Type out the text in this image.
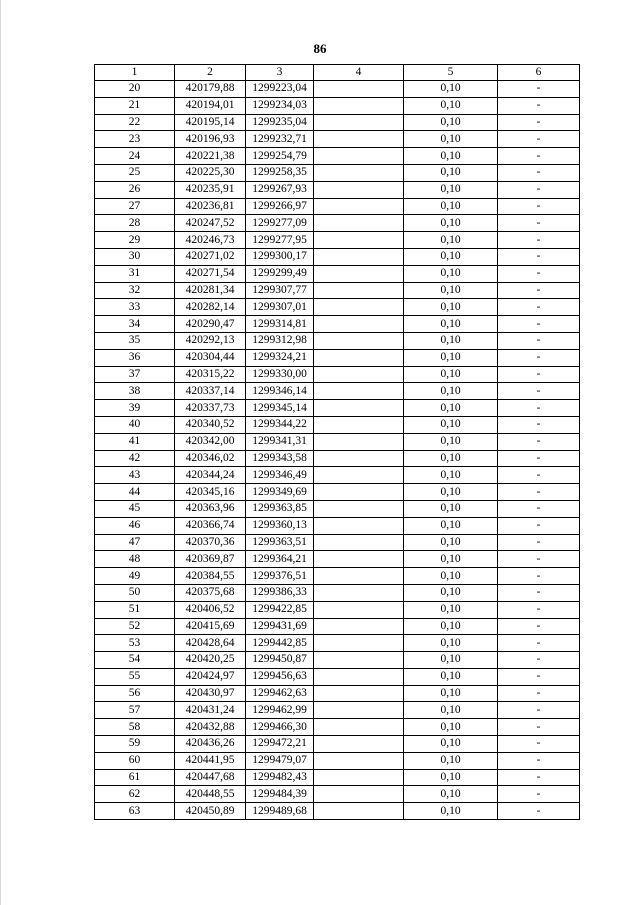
86
1	2	3	4	5	6
20	420179,88	1299223,04		0,10	-
21	420194,01	1299234,03		0,10	-
22	420195,14	1299235,04		0,10	-
23	420196,93	1299232,71		0,10	-
24	420221,38	1299254,79		0,10	-
25	420225,30	1299258,35		0,10	-
26	420235,91	1299267,93		0,10	-
27	420236,81	1299266,97		0,10	-
28	420247,52	1299277,09		0,10	-
29	420246,73	1299277,95		0,10	-
30	420271,02	1299300,17		0,10	-
31	420271,54	1299299,49		0,10	-
32	420281,34	1299307,77		0,10	-
33	420282,14	1299307,01		0,10	-
34	420290,47	1299314,81		0,10	-
35	420292,13	1299312,98		0,10	-
36	420304,44	1299324,21		0,10	-
37	420315,22	1299330,00		0,10	-
38	420337,14	1299346,14		0,10	-
39	420337,73	1299345,14		0,10	-
40	420340,52	1299344,22		0,10	-
41	420342,00	1299341,31		0,10	-
42	420346,02	1299343,58		0,10	-
43	420344,24	1299346,49		0,10	-
44	420345,16	1299349,69		0,10	-
45	420363,96	1299363,85		0,10	-
46	420366,74	1299360,13		0,10	-
47	420370,36	1299363,51		0,10	-
48	420369,87	1299364,21		0,10	-
49	420384,55	1299376,51		0,10	-
50	420375,68	1299386,33		0,10	-
51	420406,52	1299422,85		0,10	-
52	420415,69	1299431,69		0,10	-
53	420428,64	1299442,85		0,10	-
54	420420,25	1299450,87		0,10	-
55	420424,97	1299456,63		0,10	-
56	420430,97	1299462,63		0,10	-
57	420431,24	1299462,99		0,10	-
58	420432,88	1299466,30		0,10	-
59	420436,26	1299472,21		0,10	-
60	420441,95	1299479,07		0,10	-
61	420447,68	1299482,43		0,10	-
62	420448,55	1299484,39		0,10	-
63	420450,89	1299489,68		0,10	-
